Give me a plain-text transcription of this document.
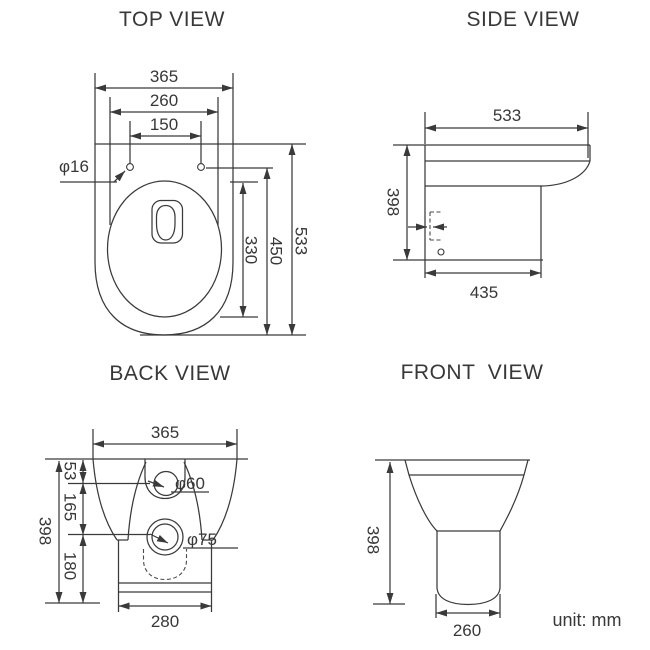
TOP VIEW
365
260
150
φ16
330 450 533
SIDE VIEW
533
398
435
BACK VIEW
365
398
53
165
180
280
φ60
φ75
FRONT  VIEW
398
260
unit: mm
